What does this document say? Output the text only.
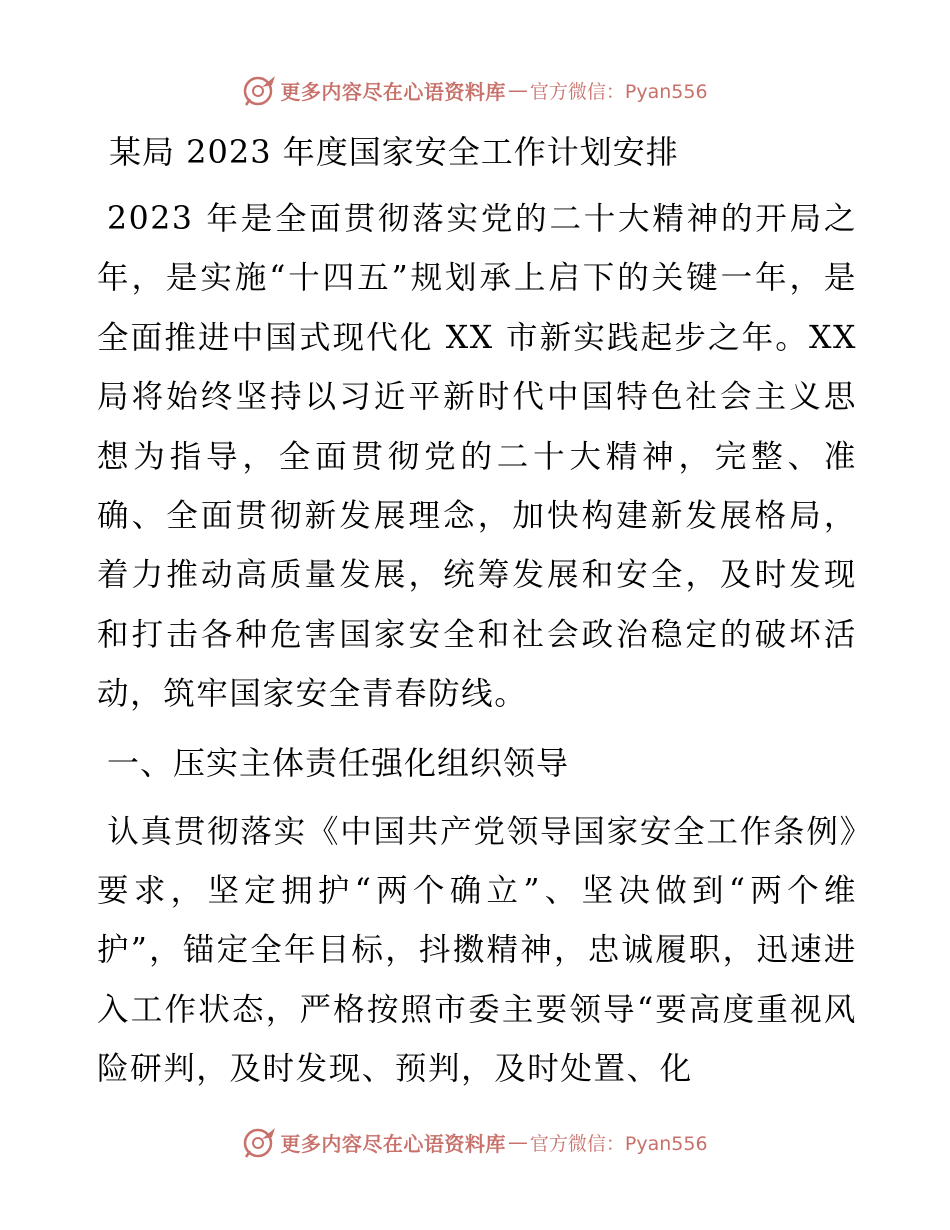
更多内容尽在心语资料库 — 官方微信：Pyan556
某局 2023 年度国家安全工作计划安排

2023 年是全面贯彻落实党的二十大精神的开局之年，是实施“十四五”规划承上启下的关键一年，是全面推进中国式现代化 XX 市新实践起步之年。XX 局将始终坚持以习近平新时代中国特色社会主义思想为指导，全面贯彻党的二十大精神，完整、准确、全面贯彻新发展理念，加快构建新发展格局，着力推动高质量发展，统筹发展和安全，及时发现和打击各种危害国家安全和社会政治稳定的破坏活动，筑牢国家安全青春防线。

一、压实主体责任强化组织领导

认真贯彻落实《中国共产党领导国家安全工作条例》要求，坚定拥护“两个确立”、坚决做到“两个维护”，锚定全年目标，抖擞精神，忠诚履职，迅速进入工作状态，严格按照市委主要领导“要高度重视风险研判，及时发现、预判，及时处置、化

更多内容尽在心语资料库 — 官方微信：Pyan556
